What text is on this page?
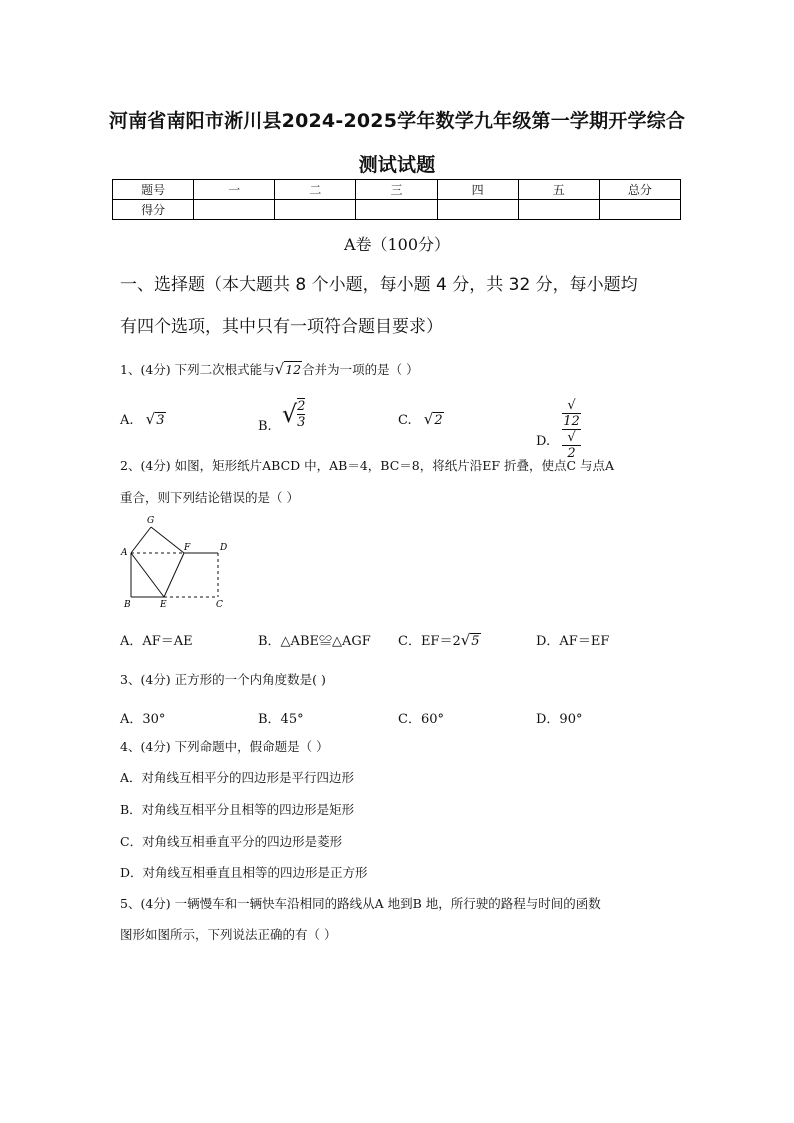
河南省南阳市淅川县2024-2025学年数学九年级第一学期开学综合
测试试题
题号	一	二	三	四	五	总分
得分						
A卷（100分）
一、选择题（本大题共 8 个小题，每小题 4 分，共 32 分，每小题均
有四个选项，其中只有一项符合题目要求）
1、(4分) 下列二次根式能与√12合并为一项的是（ ）
A. √3	B. √ $\frac{2}{3}$	C. √2
D. √
12
√
2
2、(4分) 如图，矩形纸片ABCD 中，AB＝4，BC＝8，将纸片沿EF 折叠，使点C 与点A
重合，则下列结论错误的是（ ）
G
A	F	D
B	E	C
A．AF＝AE	B．△ABE≌△AGF C．EF＝2√5	D．AF＝EF
3、(4分) 正方形的一个内角度数是( )
A．30°	B．45°	C．60°	D．90°
4、(4分) 下列命题中，假命题是（ ）
A．对角线互相平分的四边形是平行四边形
B．对角线互相平分且相等的四边形是矩形
C．对角线互相垂直平分的四边形是菱形
D．对角线互相垂直且相等的四边形是正方形
5、(4分) 一辆慢车和一辆快车沿相同的路线从A 地到B 地，所行驶的路程与时间的函数
图形如图所示，下列说法正确的有（ ）
